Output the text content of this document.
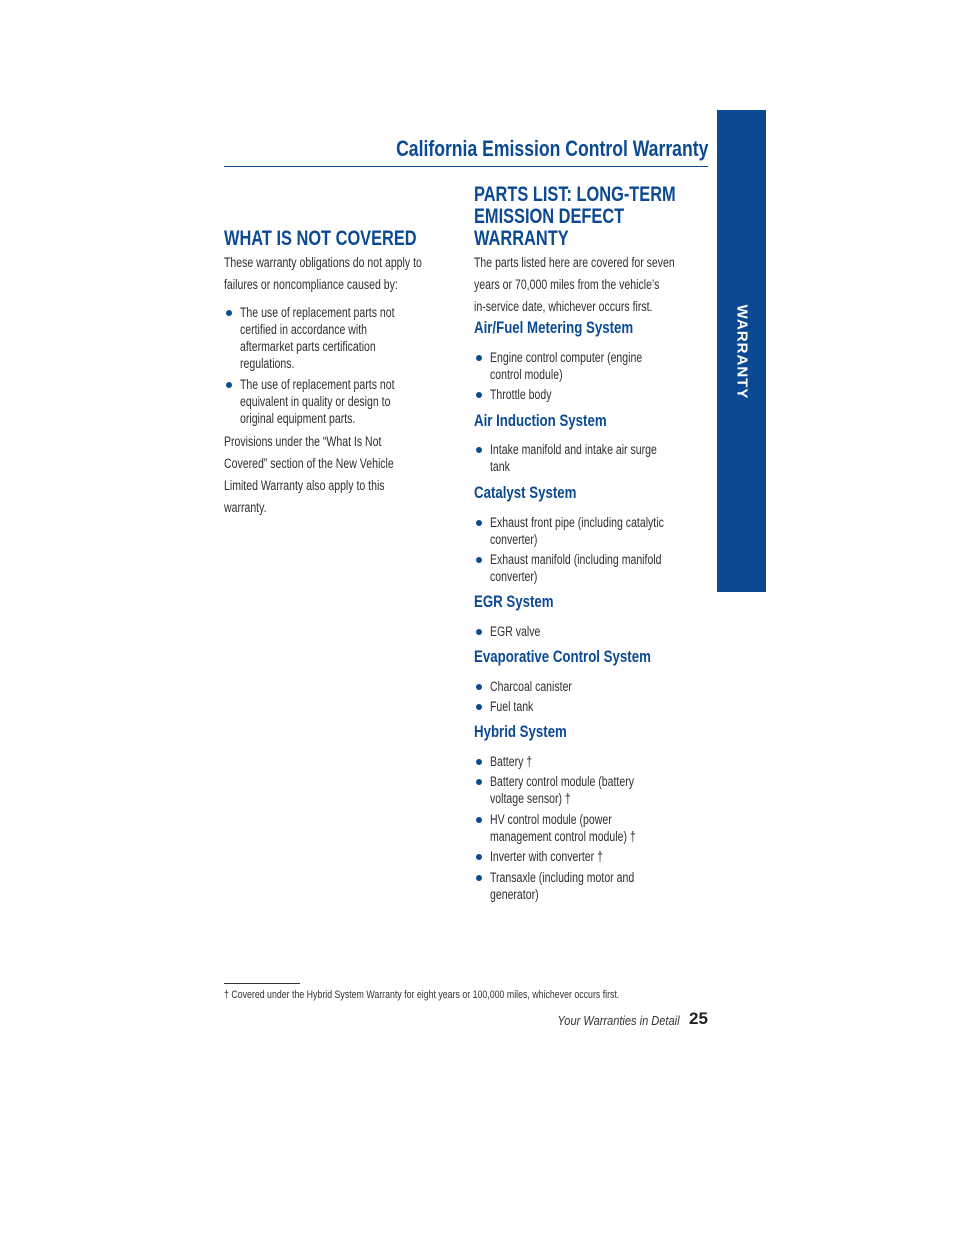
California Emission Control Warranty
WARRANTY
WHAT IS NOT COVERED
These warranty obligations do not apply to
failures or noncompliance caused by:
The use of replacement parts not
certified in accordance with
aftermarket parts certification
regulations.
The use of replacement parts not
equivalent in quality or design to
original equipment parts.
Provisions under the “What Is Not
Covered” section of the New Vehicle
Limited Warranty also apply to this
warranty.
PARTS LIST: LONG-TERM
EMISSION DEFECT
WARRANTY
The parts listed here are covered for seven
years or 70,000 miles from the vehicle’s
in-service date, whichever occurs first.
Air/Fuel Metering System
Engine control computer (engine
control module)
Throttle body
Air Induction System
Intake manifold and intake air surge
tank
Catalyst System
Exhaust front pipe (including catalytic
converter)
Exhaust manifold (including manifold
converter)
EGR System
EGR valve
Evaporative Control System
Charcoal canister
Fuel tank
Hybrid System
Battery †
Battery control module (battery
voltage sensor) †
HV control module (power
management control module) †
Inverter with converter †
Transaxle (including motor and
generator)
† Covered under the Hybrid System Warranty for eight years or 100,000 miles, whichever occurs first.
Your Warranties in Detail 25
